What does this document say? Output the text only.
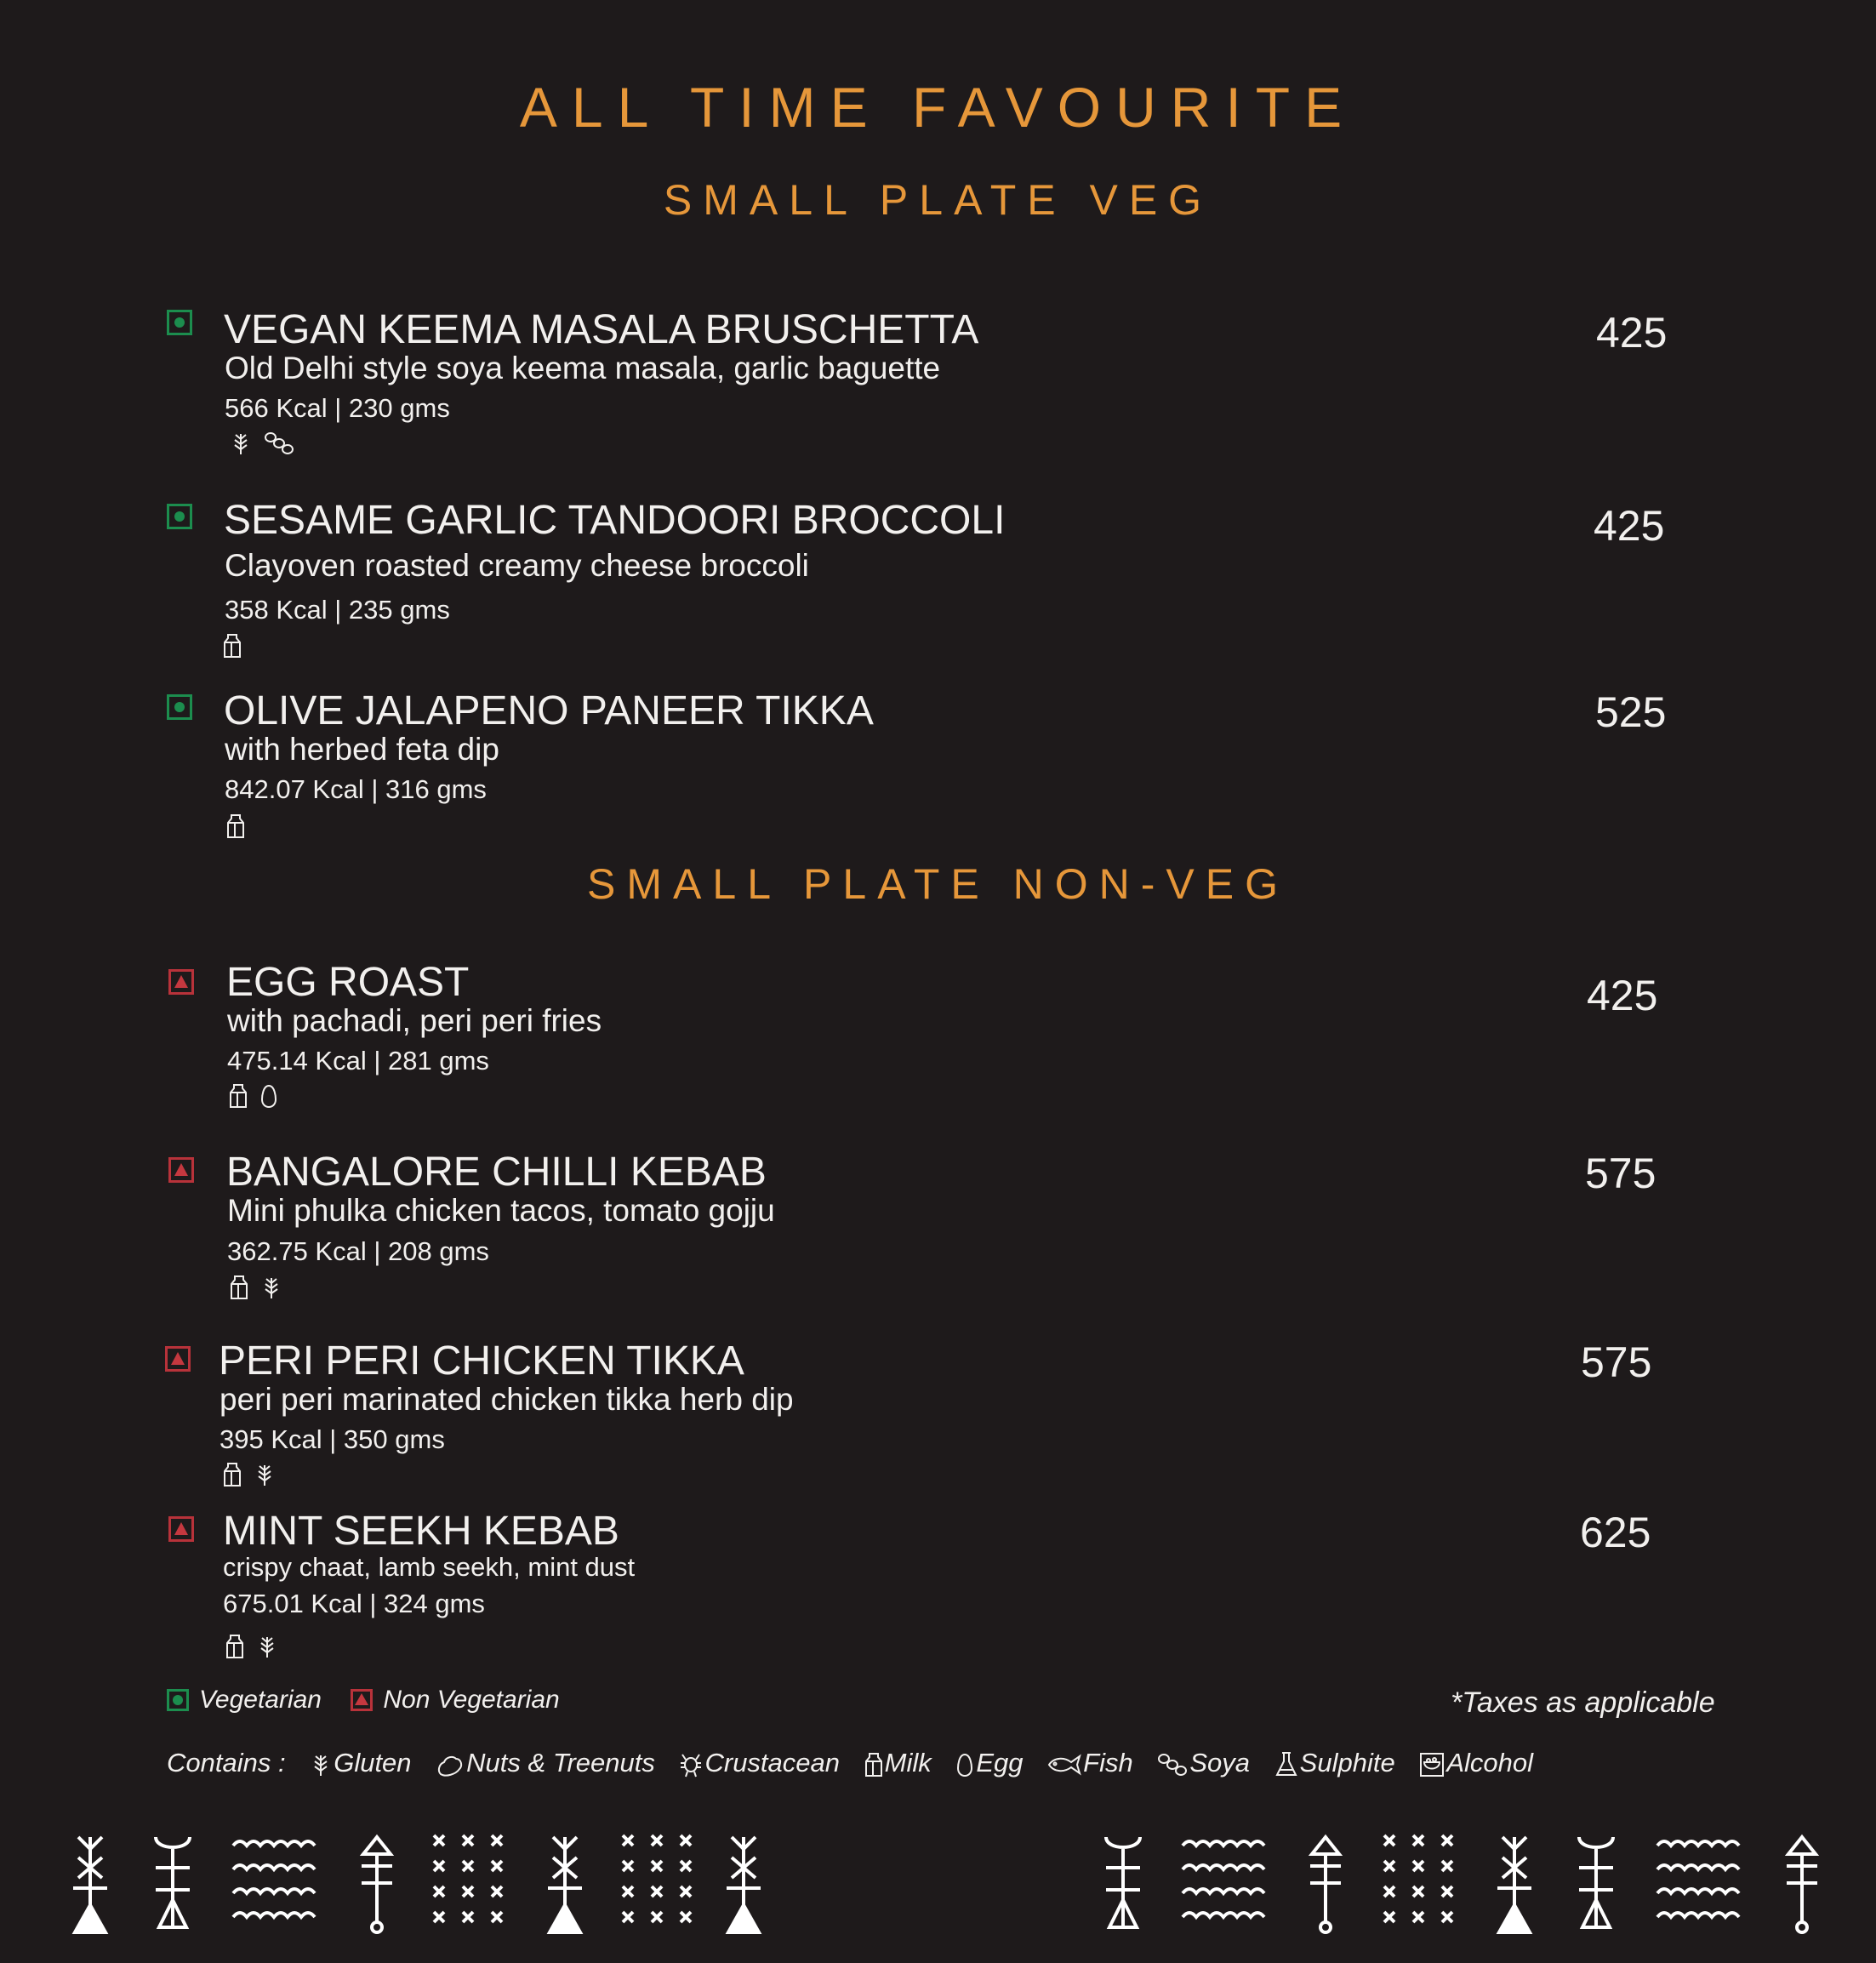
ALL TIME FAVOURITE
SMALL PLATE VEG
SMALL PLATE NON-VEG
VEGAN KEEMA MASALA BRUSCHETTA
Old Delhi style soya keema masala, garlic baguette
566 Kcal | 230 gms

425
SESAME GARLIC TANDOORI BROCCOLI
Clayoven roasted creamy cheese broccoli
358 Kcal | 235 gms
425
OLIVE JALAPENO PANEER TIKKA
with herbed feta dip
842.07 Kcal | 316 gms
525
EGG ROAST
with pachadi, peri peri fries
475.14 Kcal | 281 gms

425
BANGALORE CHILLI KEBAB
Mini phulka chicken tacos, tomato gojju
362.75 Kcal | 208 gms

575
PERI PERI CHICKEN TIKKA
peri peri marinated chicken tikka herb dip
395 Kcal | 350 gms

575
MINT SEEKH KEBAB
crispy chaat, lamb seekh, mint dust
675.01 Kcal | 324 gms

625
Vegetarian Non Vegetarian	*Taxes as applicable
Contains : Gluten Nuts & Treenuts Crustacean Milk Egg Fish Soya Sulphite Alcohol
